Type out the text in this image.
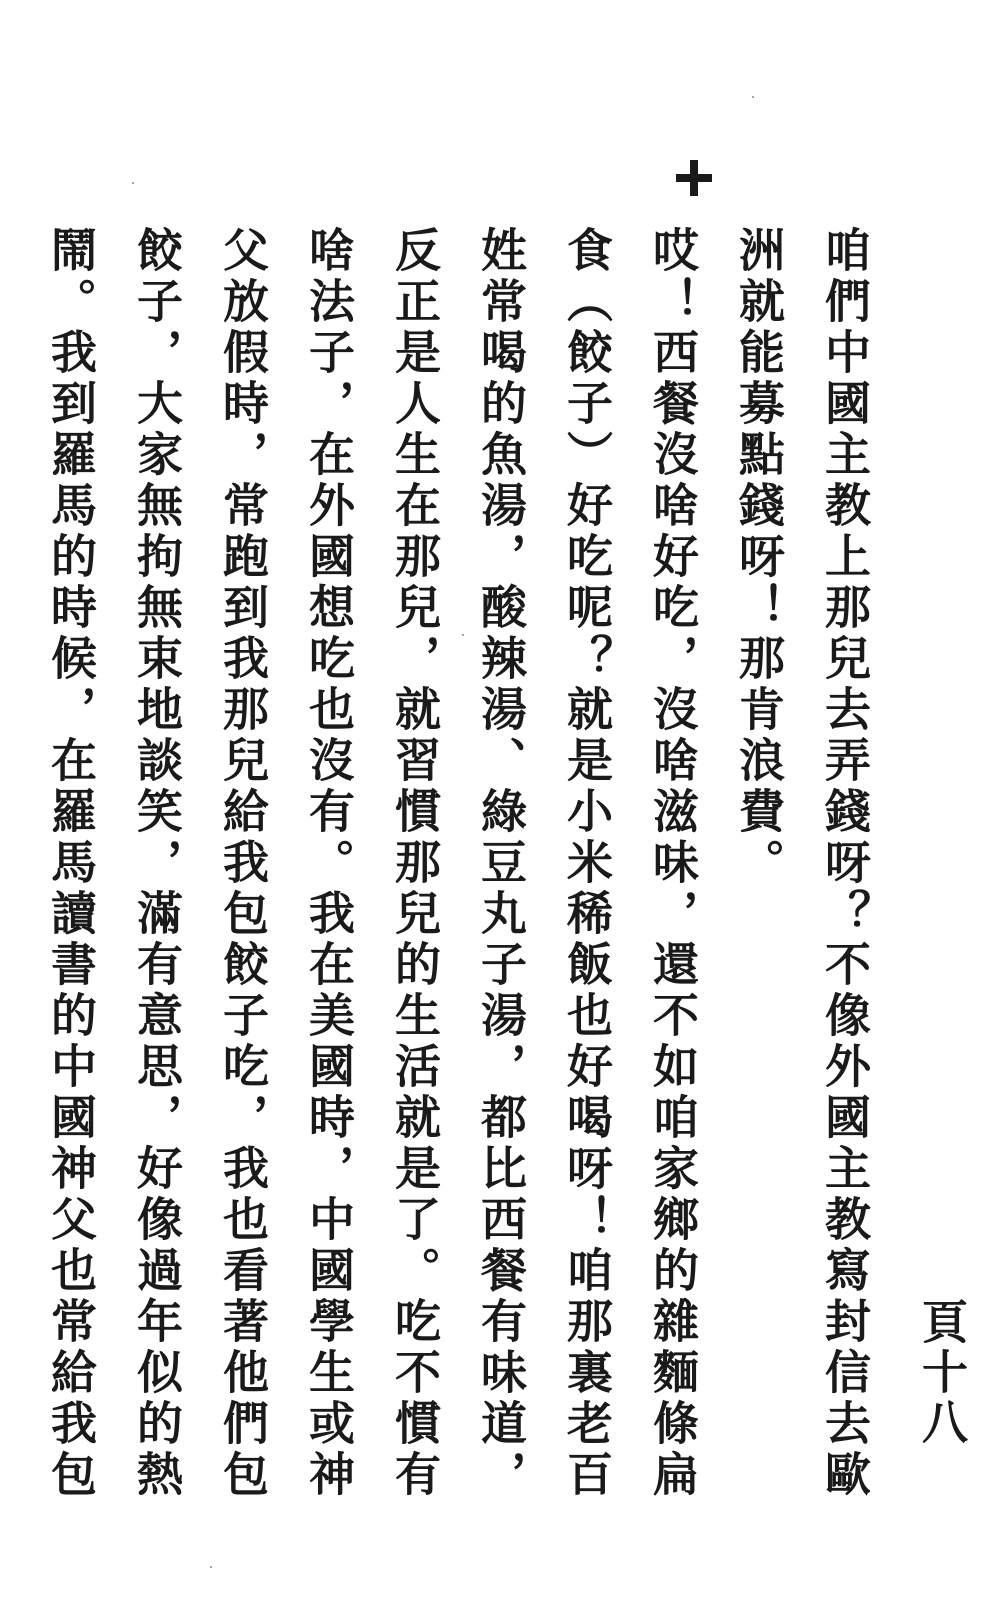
頁十八
咱們中國主教上那兒去弄錢呀？不像外國主教寫封信去歐
洲就能募點錢呀！那肯浪費。
哎！西餐沒啥好吃，沒啥滋味，還不如咱家鄉的雜麵條扁
食（餃子）好吃呢？就是小米稀飯也好喝呀！咱那裏老百
姓常喝的魚湯，酸辣湯、綠豆丸子湯，都比西餐有味道，
反正是人生在那兒，就習慣那兒的生活就是了。吃不慣有
啥法子，在外國想吃也沒有。我在美國時，中國學生或神
父放假時，常跑到我那兒給我包餃子吃，我也看著他們包
餃子，大家無拘無束地談笑，滿有意思，好像過年似的熱
鬧。我到羅馬的時候，在羅馬讀書的中國神父也常給我包
